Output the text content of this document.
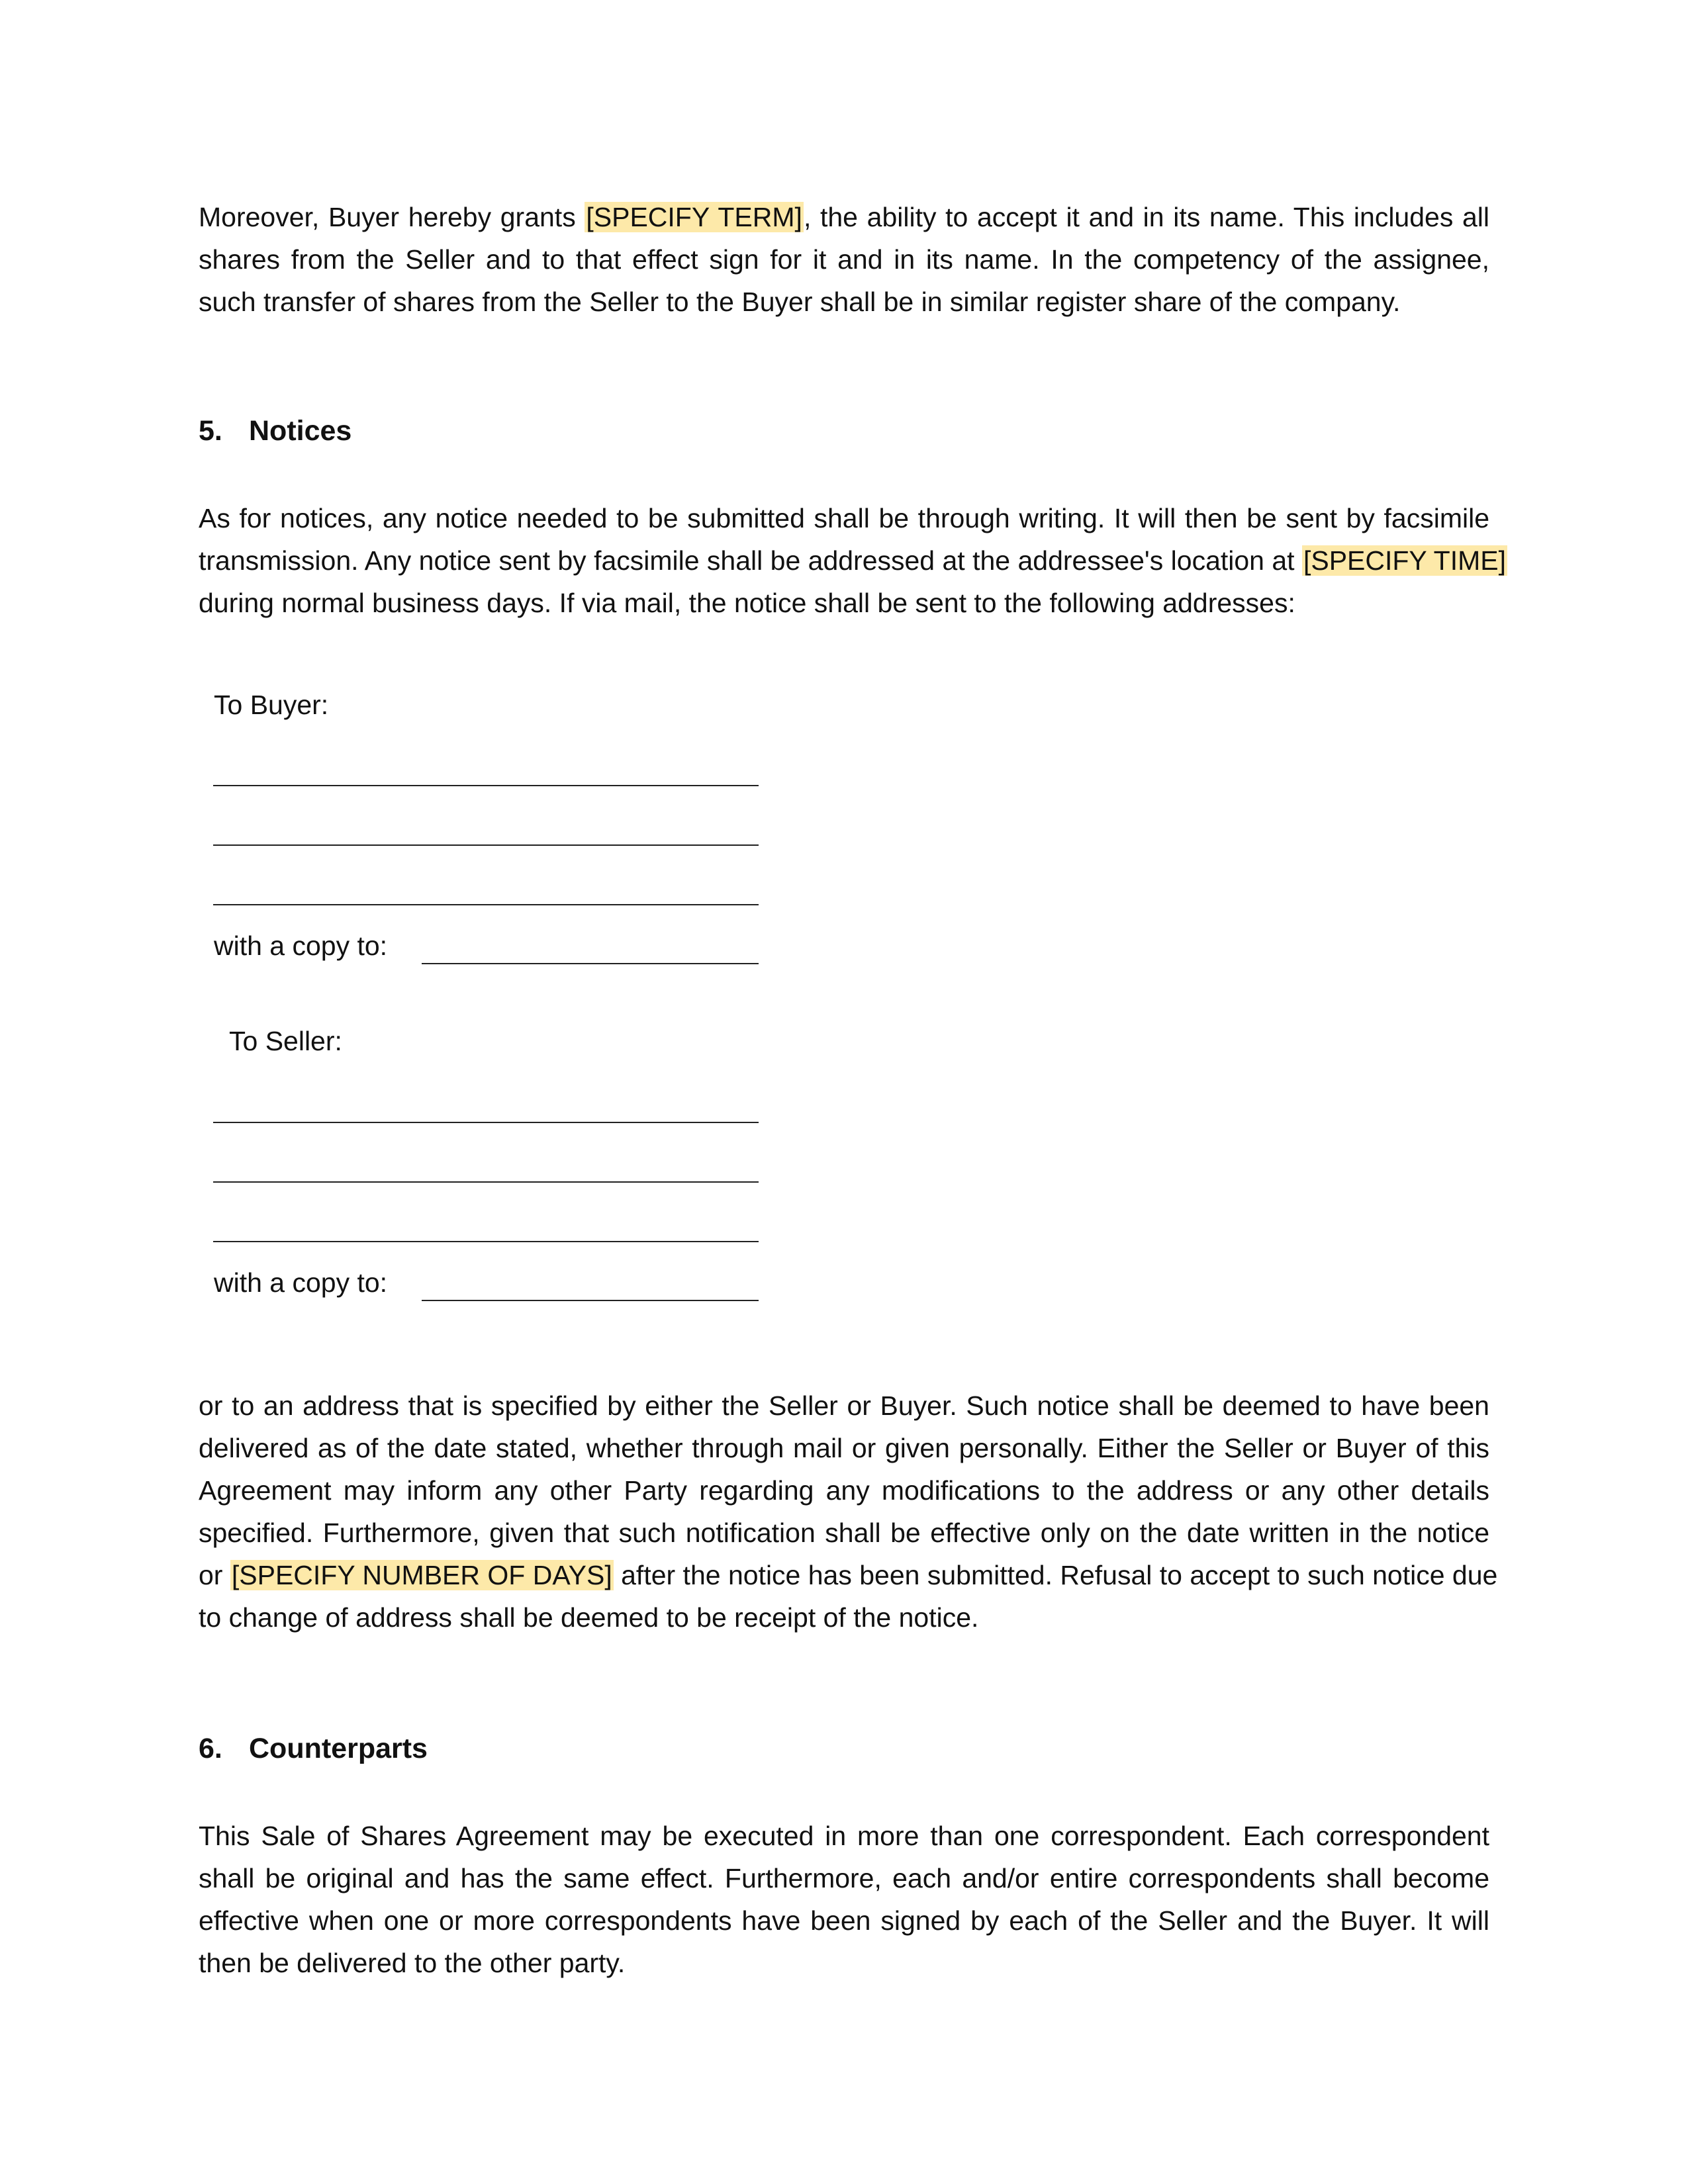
Moreover, Buyer hereby grants [SPECIFY TERM], the ability to accept it and in its name. This includes all
shares from the Seller and to that effect sign for it and in its name. In the competency of the assignee,
such transfer of shares from the Seller to the Buyer shall be in similar register share of the company.
5. Notices
As for notices, any notice needed to be submitted shall be through writing. It will then be sent by facsimile
transmission. Any notice sent by facsimile shall be addressed at the addressee's location at [SPECIFY TIME]
during normal business days. If via mail, the notice shall be sent to the following addresses:
To Buyer:
with a copy to:
To Seller:
with a copy to:
or to an address that is specified by either the Seller or Buyer. Such notice shall be deemed to have been
delivered as of the date stated, whether through mail or given personally. Either the Seller or Buyer of this
Agreement may inform any other Party regarding any modifications to the address or any other details
specified. Furthermore, given that such notification shall be effective only on the date written in the notice
or [SPECIFY NUMBER OF DAYS] after the notice has been submitted. Refusal to accept to such notice due
to change of address shall be deemed to be receipt of the notice.
6. Counterparts
This Sale of Shares Agreement may be executed in more than one correspondent. Each correspondent
shall be original and has the same effect. Furthermore, each and/or entire correspondents shall become
effective when one or more correspondents have been signed by each of the Seller and the Buyer. It will
then be delivered to the other party.
